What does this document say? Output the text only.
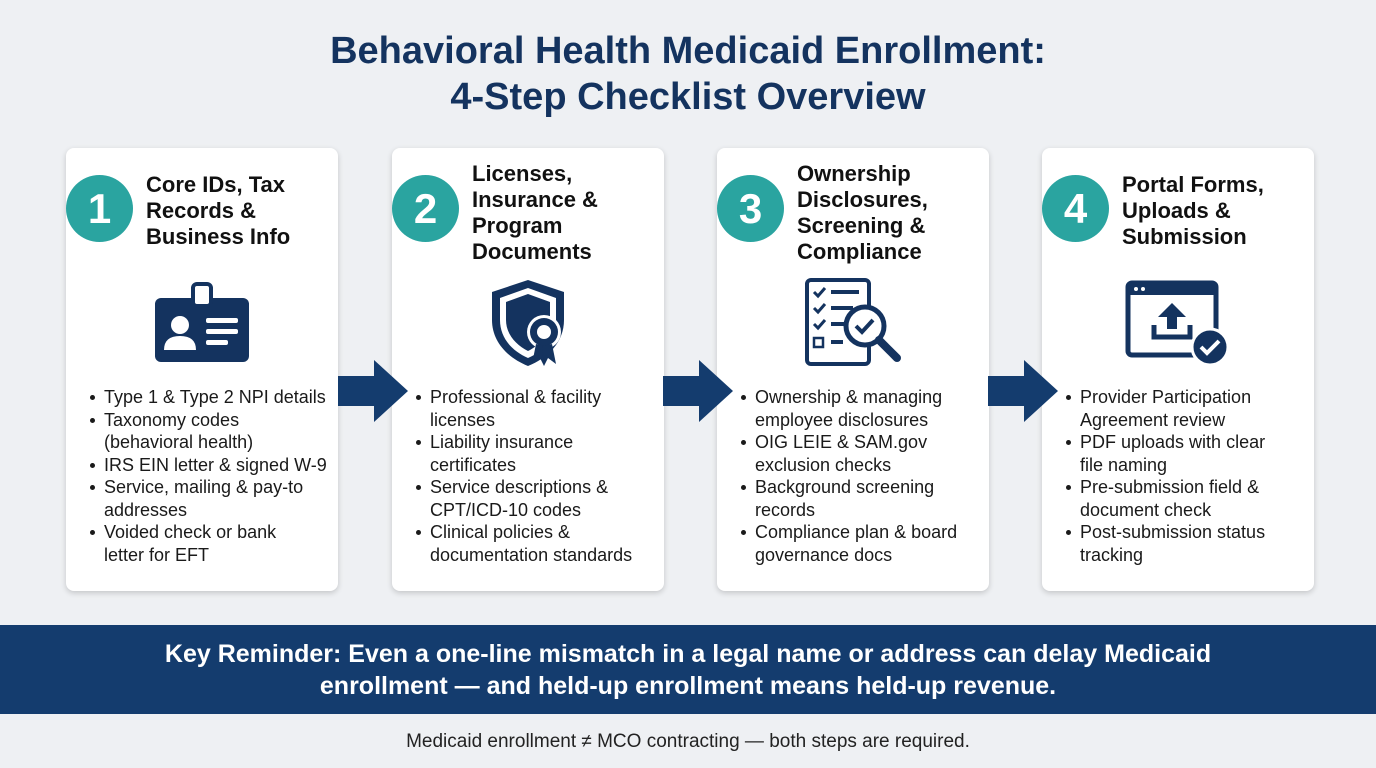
Behavioral Health Medicaid Enrollment:
4-Step Checklist Overview
1
Core IDs, Tax
Records &
Business Info
Type 1 & Type 2 NPI details
Taxonomy codes
(behavioral health)
IRS EIN letter & signed W-9
Service, mailing & pay-to
addresses
Voided check or bank
letter for EFT
2
Licenses,
Insurance &
Program
Documents
Professional & facility
licenses
Liability insurance
certificates
Service descriptions &
CPT/ICD-10 codes
Clinical policies &
documentation standards
3
Ownership
Disclosures,
Screening &
Compliance
Ownership & managing
employee disclosures
OIG LEIE & SAM.gov
exclusion checks
Background screening
records
Compliance plan & board
governance docs
4
Portal Forms,
Uploads &
Submission
Provider Participation
Agreement review
PDF uploads with clear
file naming
Pre-submission field &
document check
Post-submission status
tracking
Key Reminder: Even a one-line mismatch in a legal name or address can delay Medicaid
enrollment — and held-up enrollment means held-up revenue.
Medicaid enrollment ≠ MCO contracting — both steps are required.
